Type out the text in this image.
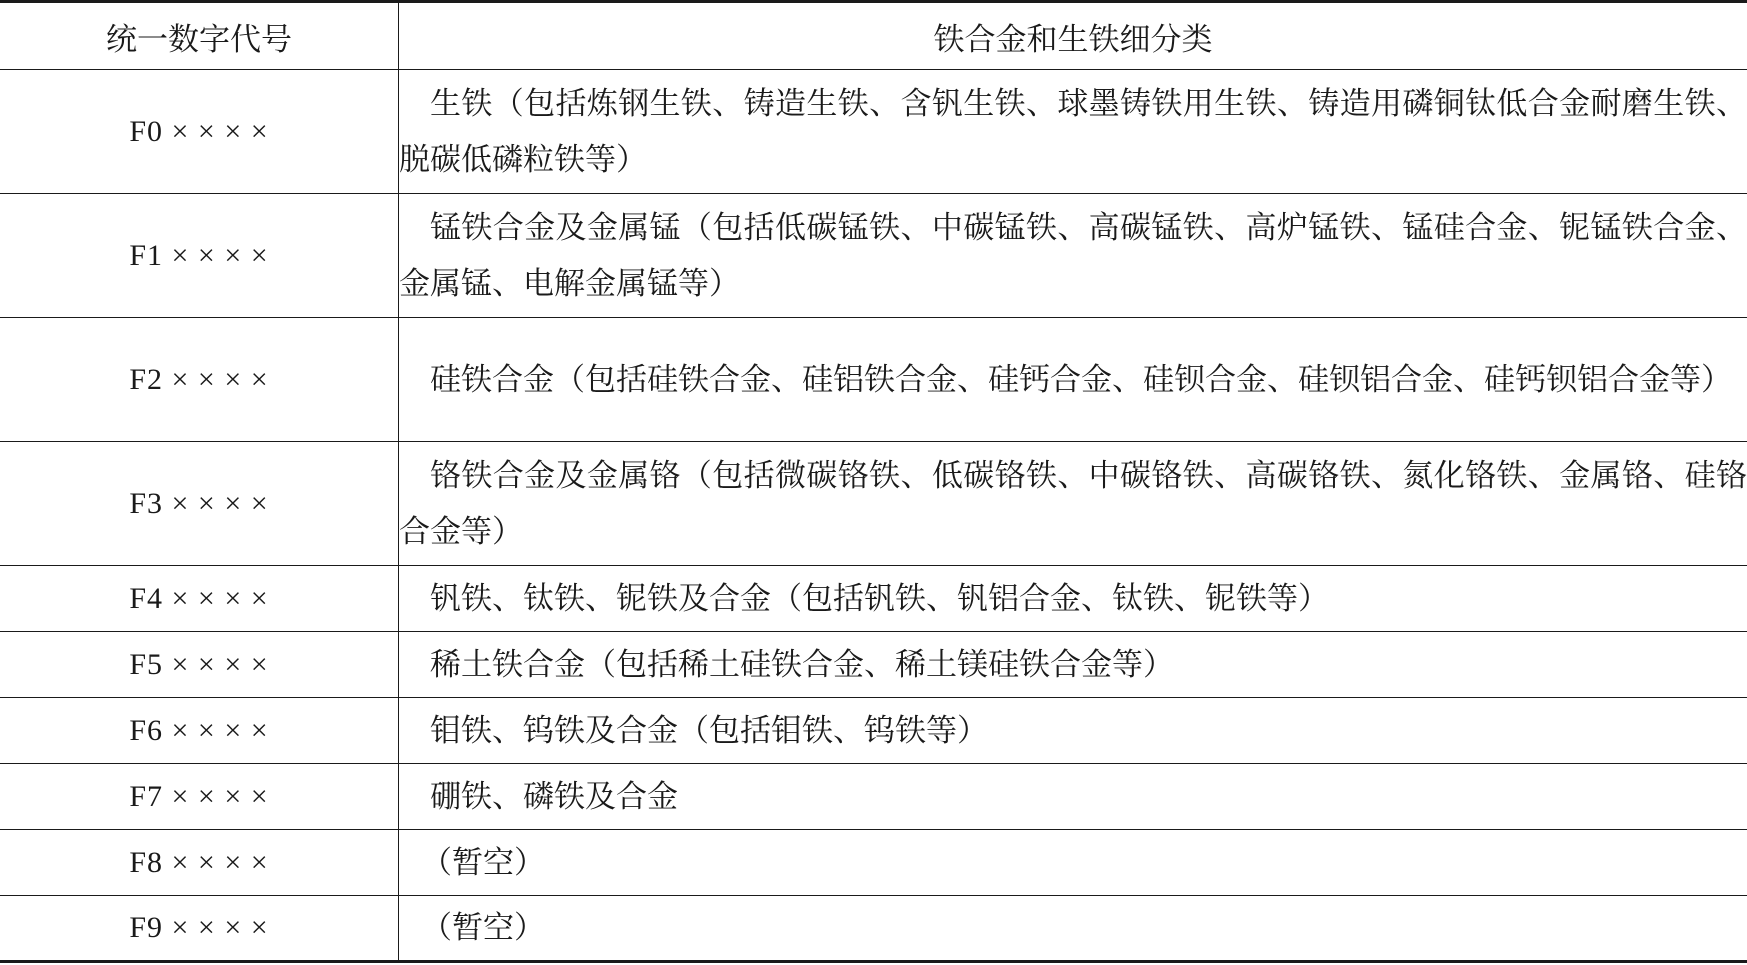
统一数字代号	铁合金和生铁细分类
F0 × × × ×	生铁（包括炼钢生铁、铸造生铁、含钒生铁、球墨铸铁用生铁、铸造用磷铜钛低合金耐磨生铁、脱碳低磷粒铁等）
F1 × × × ×	锰铁合金及金属锰（包括低碳锰铁、中碳锰铁、高碳锰铁、高炉锰铁、锰硅合金、铌锰铁合金、金属锰、电解金属锰等）
F2 × × × ×	硅铁合金（包括硅铁合金、硅铝铁合金、硅钙合金、硅钡合金、硅钡铝合金、硅钙钡铝合金等）
F3 × × × ×	铬铁合金及金属铬（包括微碳铬铁、低碳铬铁、中碳铬铁、高碳铬铁、氮化铬铁、金属铬、硅铬合金等）
F4 × × × ×	钒铁、钛铁、铌铁及合金（包括钒铁、钒铝合金、钛铁、铌铁等）
F5 × × × ×	稀土铁合金（包括稀土硅铁合金、稀土镁硅铁合金等）
F6 × × × ×	钼铁、钨铁及合金（包括钼铁、钨铁等）
F7 × × × ×	硼铁、磷铁及合金
F8 × × × ×	（暂空）
F9 × × × ×	（暂空）
